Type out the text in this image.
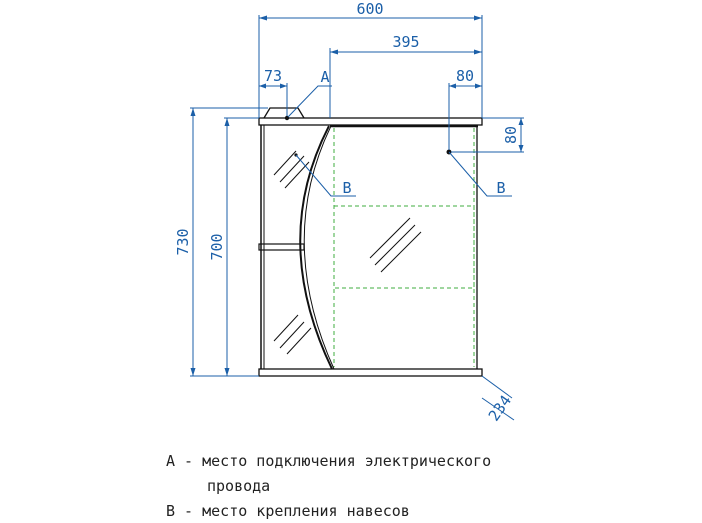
600
395
73	80
80
730 700
234
A
B	B
А - место подключения электрического
провода
В - место крепления навесов
